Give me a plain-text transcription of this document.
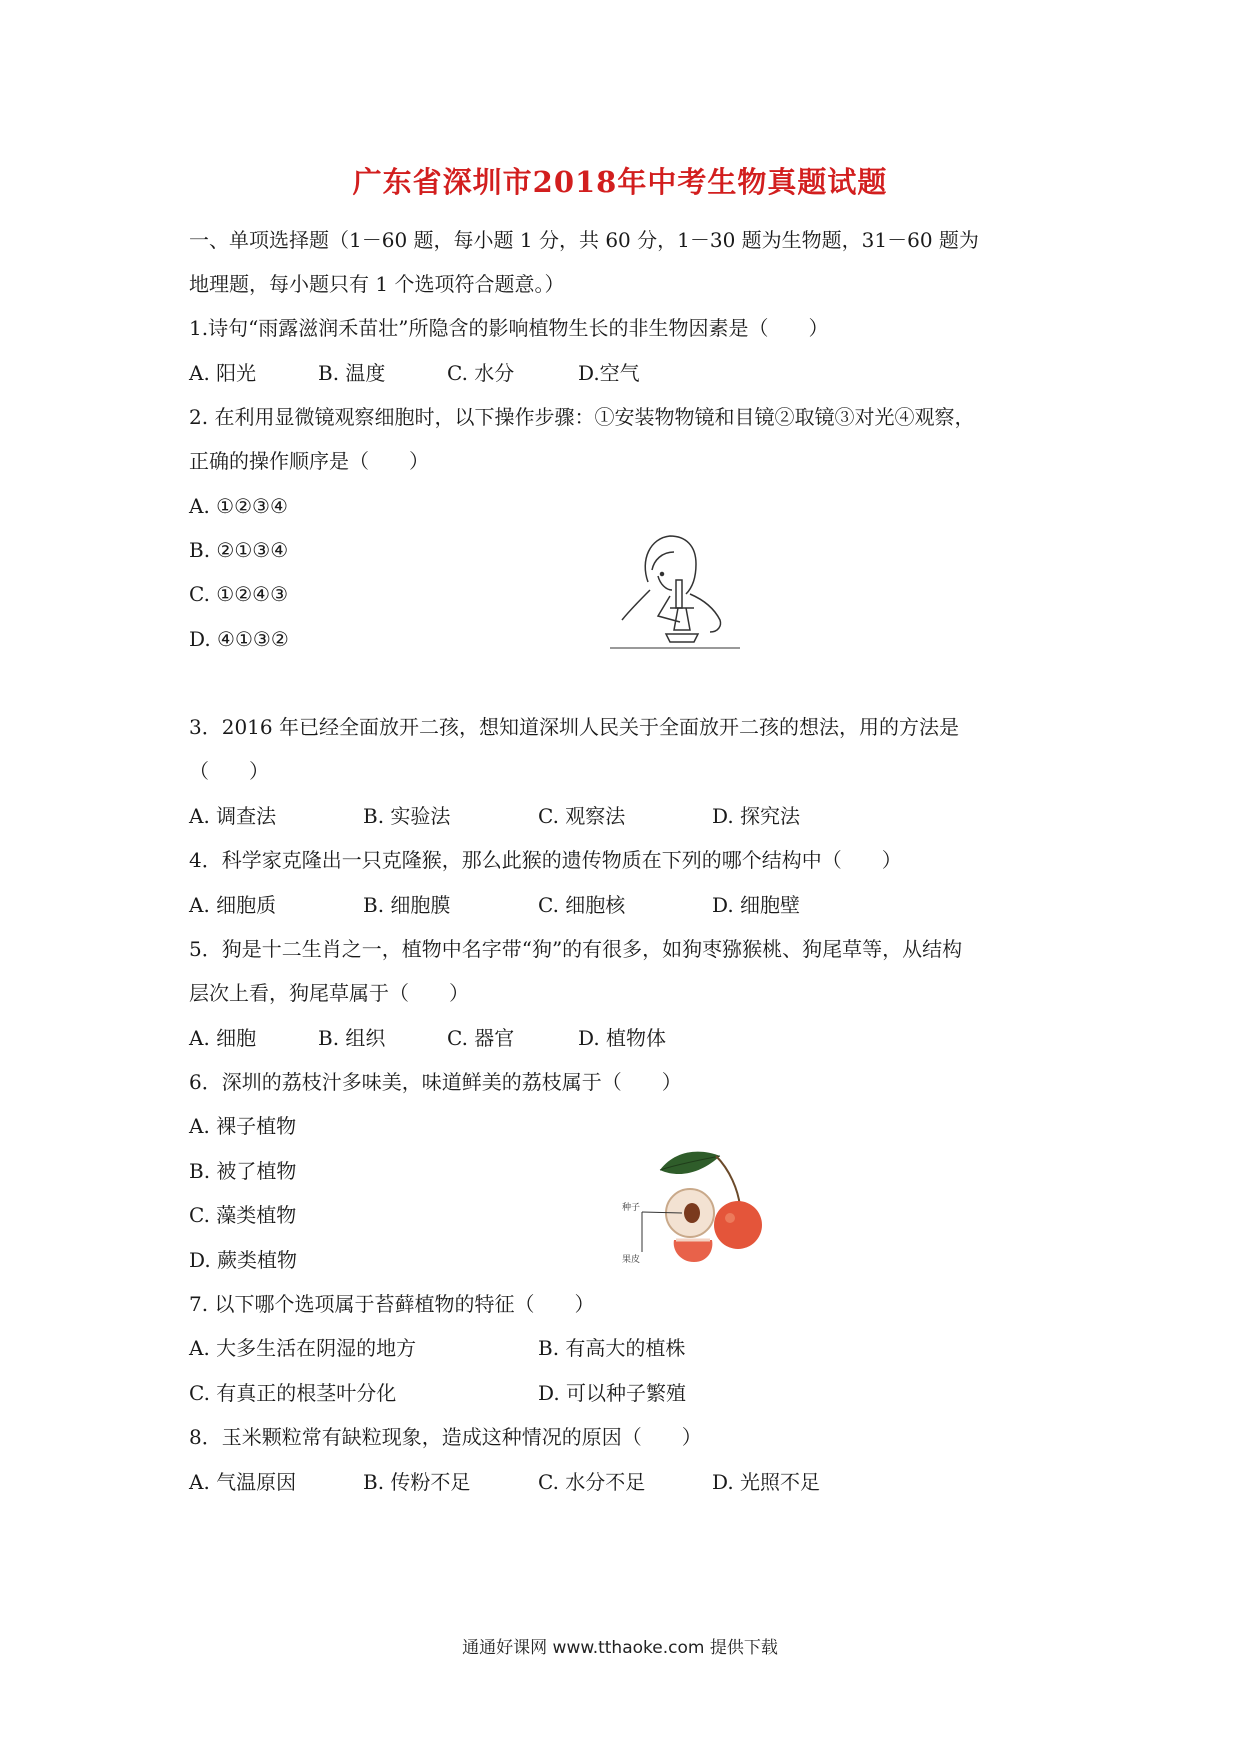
广东省深圳市2018年中考生物真题试题
一、单项选择题（1－60 题，每小题 1 分，共 60 分，1－30 题为生物题，31－60 题为
地理题，每小题只有 1 个选项符合题意。）
1.诗句“雨露滋润禾苗壮”所隐含的影响植物生长的非生物因素是（　　）
A. 阳光	B. 温度	C. 水分	D.空气
2. 在利用显微镜观察细胞时，以下操作步骤：①安装物物镜和目镜②取镜③对光④观察，
正确的操作顺序是（　　）
A. ①②③④
B. ②①③④
C. ①②④③
D. ④①③②
3．2016 年已经全面放开二孩，想知道深圳人民关于全面放开二孩的想法，用的方法是
（　　）
A. 调查法	B. 实验法	C. 观察法	D. 探究法
4．科学家克隆出一只克隆猴，那么此猴的遗传物质在下列的哪个结构中（　　）
A. 细胞质	B. 细胞膜	C. 细胞核	D. 细胞壁
5．狗是十二生肖之一，植物中名字带“狗”的有很多，如狗枣猕猴桃、狗尾草等，从结构
层次上看，狗尾草属于（　　）
A. 细胞	B. 组织	C. 器官	D. 植物体
6．深圳的荔枝汁多味美，味道鲜美的荔枝属于（　　）
A. 裸子植物
B. 被了植物
C. 藻类植物
D. 蕨类植物
种子
果皮
7. 以下哪个选项属于苔藓植物的特征（　　）
A. 大多生活在阴湿的地方	B. 有高大的植株
C. 有真正的根茎叶分化	D. 可以种子繁殖
8．玉米颗粒常有缺粒现象，造成这种情况的原因（　　）
A. 气温原因	B. 传粉不足	C. 水分不足	D. 光照不足
通通好课网 www.tthaoke.com 提供下载
